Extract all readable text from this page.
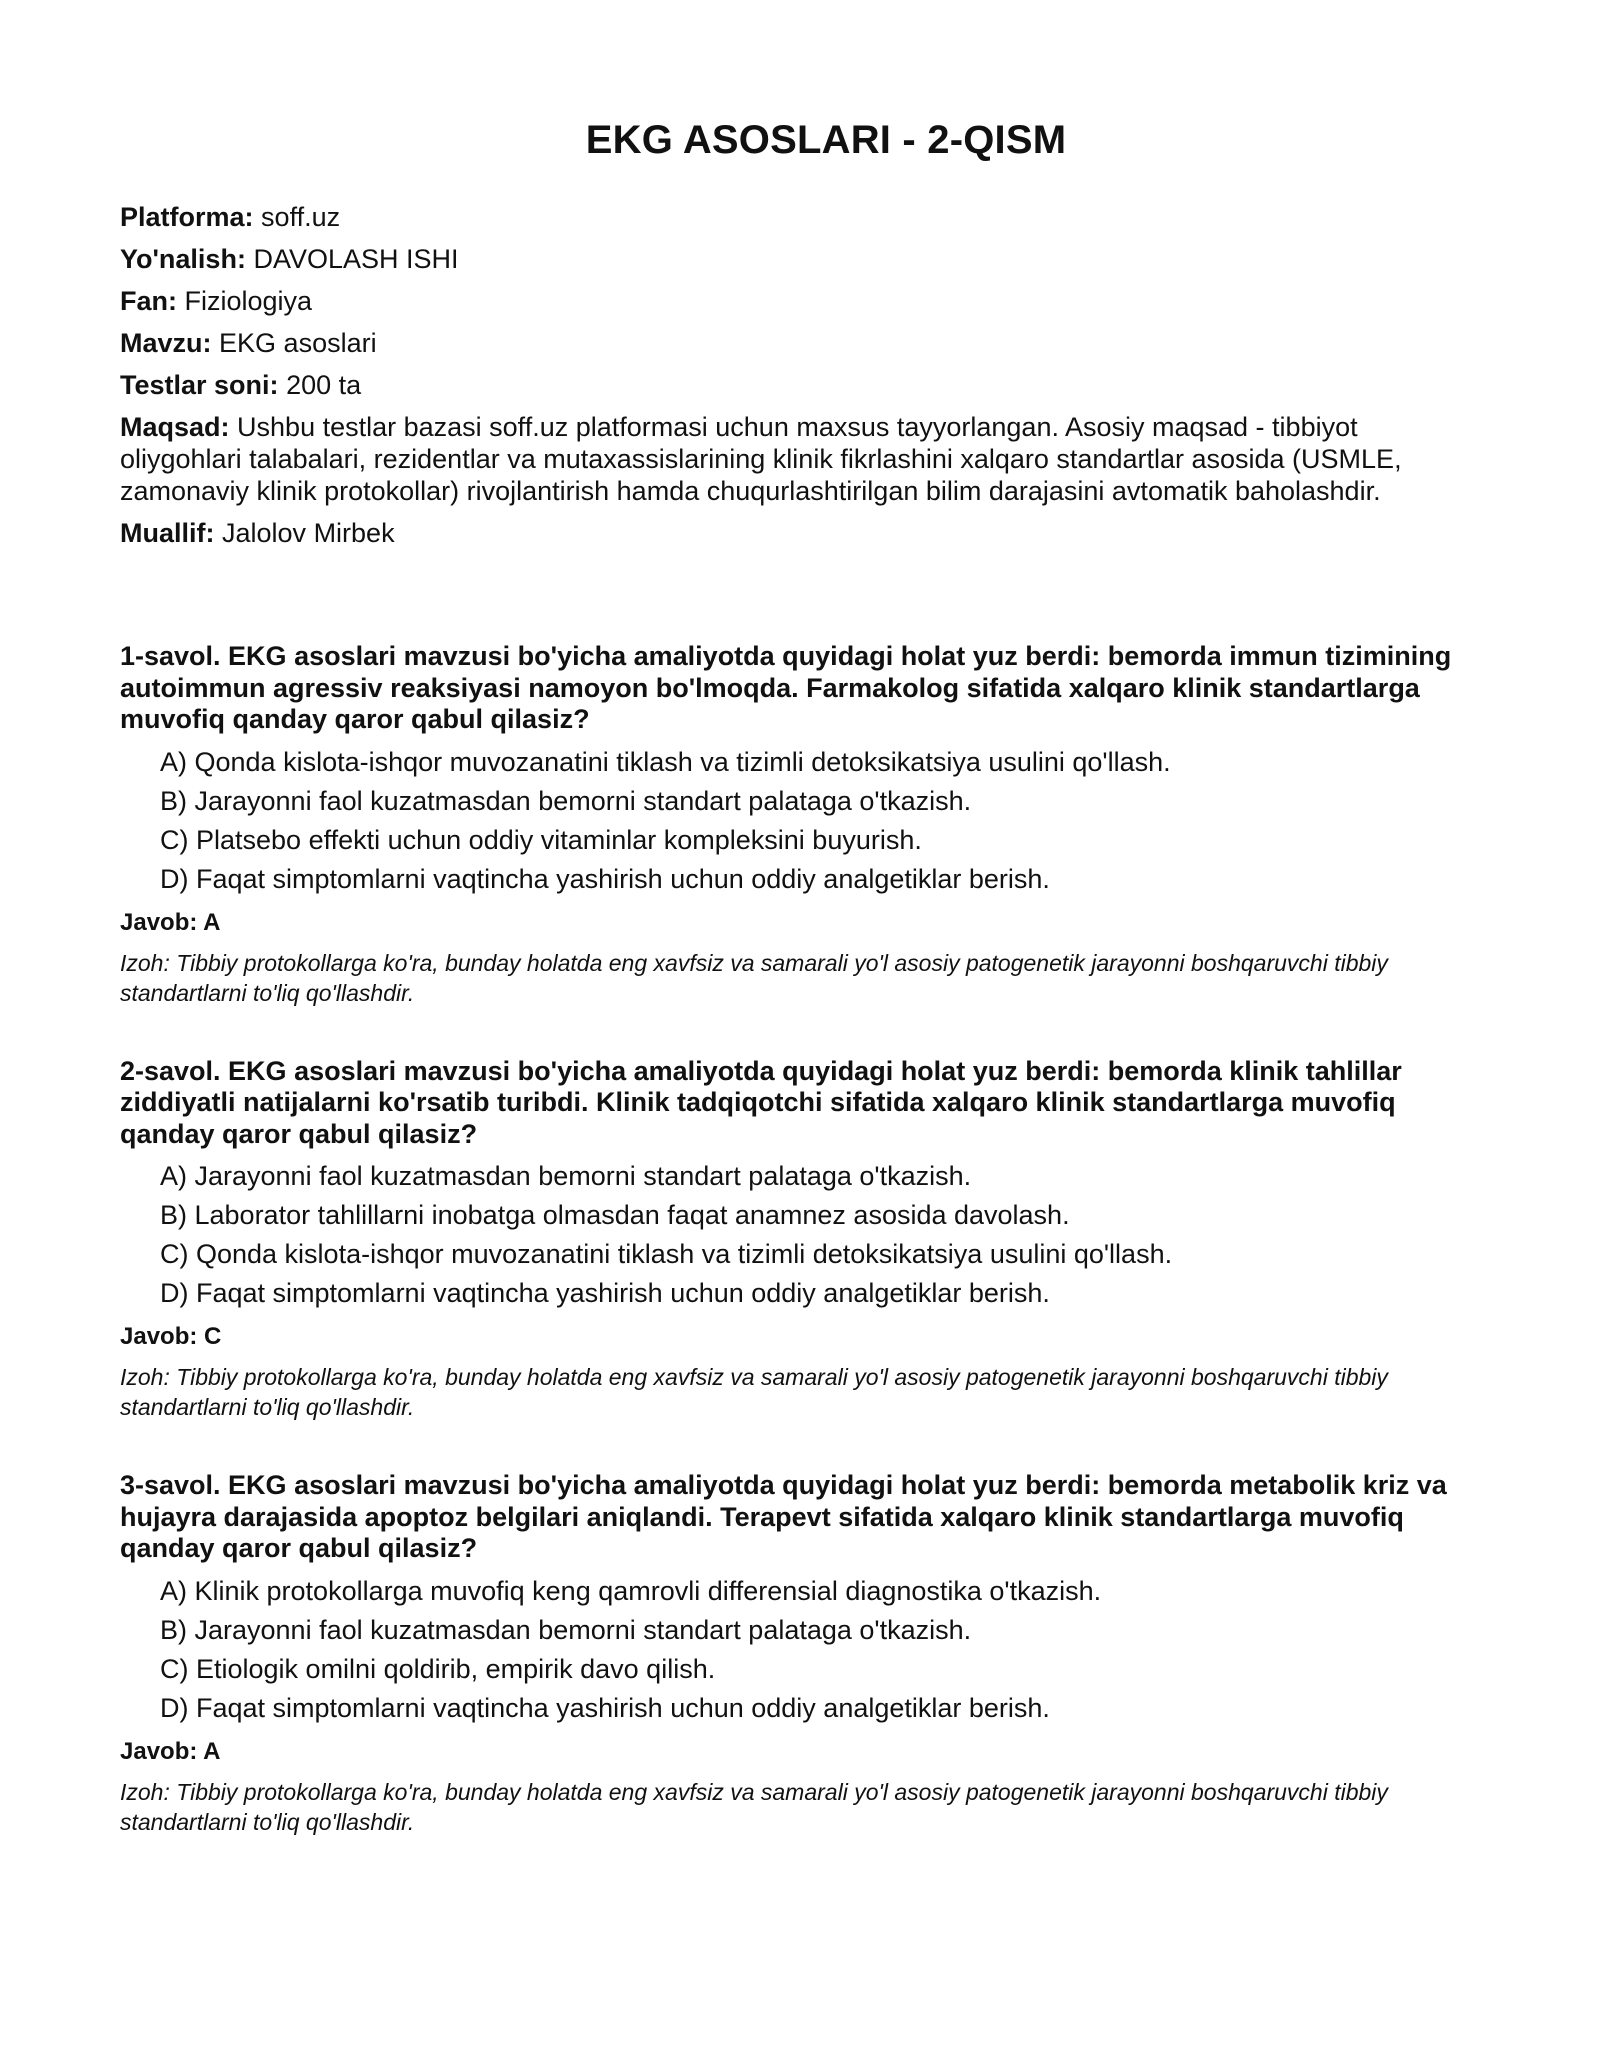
EKG ASOSLARI - 2-QISM

Platforma: soff.uz

Yo'nalish: DAVOLASH ISHI

Fan: Fiziologiya

Mavzu: EKG asoslari

Testlar soni: 200 ta

Maqsad: Ushbu testlar bazasi soff.uz platformasi uchun maxsus tayyorlangan. Asosiy maqsad - tibbiyot oliygohlari talabalari, rezidentlar va mutaxassislarining klinik fikrlashini xalqaro standartlar asosida (USMLE, zamonaviy klinik protokollar) rivojlantirish hamda chuqurlashtirilgan bilim darajasini avtomatik baholashdir.

Muallif: Jalolov Mirbek

1-savol. EKG asoslari mavzusi bo'yicha amaliyotda quyidagi holat yuz berdi: bemorda immun tizimining autoimmun agressiv reaksiyasi namoyon bo'lmoqda. Farmakolog sifatida xalqaro klinik standartlarga muvofiq qanday qaror qabul qilasiz?

A) Qonda kislota-ishqor muvozanatini tiklash va tizimli detoksikatsiya usulini qo'llash.

B) Jarayonni faol kuzatmasdan bemorni standart palataga o'tkazish.

C) Platsebo effekti uchun oddiy vitaminlar kompleksini buyurish.

D) Faqat simptomlarni vaqtincha yashirish uchun oddiy analgetiklar berish.

Javob: A

Izoh: Tibbiy protokollarga ko'ra, bunday holatda eng xavfsiz va samarali yo'l asosiy patogenetik jarayonni boshqaruvchi tibbiy standartlarni to'liq qo'llashdir.

2-savol. EKG asoslari mavzusi bo'yicha amaliyotda quyidagi holat yuz berdi: bemorda klinik tahlillar ziddiyatli natijalarni ko'rsatib turibdi. Klinik tadqiqotchi sifatida xalqaro klinik standartlarga muvofiq qanday qaror qabul qilasiz?

A) Jarayonni faol kuzatmasdan bemorni standart palataga o'tkazish.

B) Laborator tahlillarni inobatga olmasdan faqat anamnez asosida davolash.

C) Qonda kislota-ishqor muvozanatini tiklash va tizimli detoksikatsiya usulini qo'llash.

D) Faqat simptomlarni vaqtincha yashirish uchun oddiy analgetiklar berish.

Javob: C

Izoh: Tibbiy protokollarga ko'ra, bunday holatda eng xavfsiz va samarali yo'l asosiy patogenetik jarayonni boshqaruvchi tibbiy standartlarni to'liq qo'llashdir.

3-savol. EKG asoslari mavzusi bo'yicha amaliyotda quyidagi holat yuz berdi: bemorda metabolik kriz va hujayra darajasida apoptoz belgilari aniqlandi. Terapevt sifatida xalqaro klinik standartlarga muvofiq qanday qaror qabul qilasiz?

A) Klinik protokollarga muvofiq keng qamrovli differensial diagnostika o'tkazish.

B) Jarayonni faol kuzatmasdan bemorni standart palataga o'tkazish.

C) Etiologik omilni qoldirib, empirik davo qilish.

D) Faqat simptomlarni vaqtincha yashirish uchun oddiy analgetiklar berish.

Javob: A

Izoh: Tibbiy protokollarga ko'ra, bunday holatda eng xavfsiz va samarali yo'l asosiy patogenetik jarayonni boshqaruvchi tibbiy standartlarni to'liq qo'llashdir.
